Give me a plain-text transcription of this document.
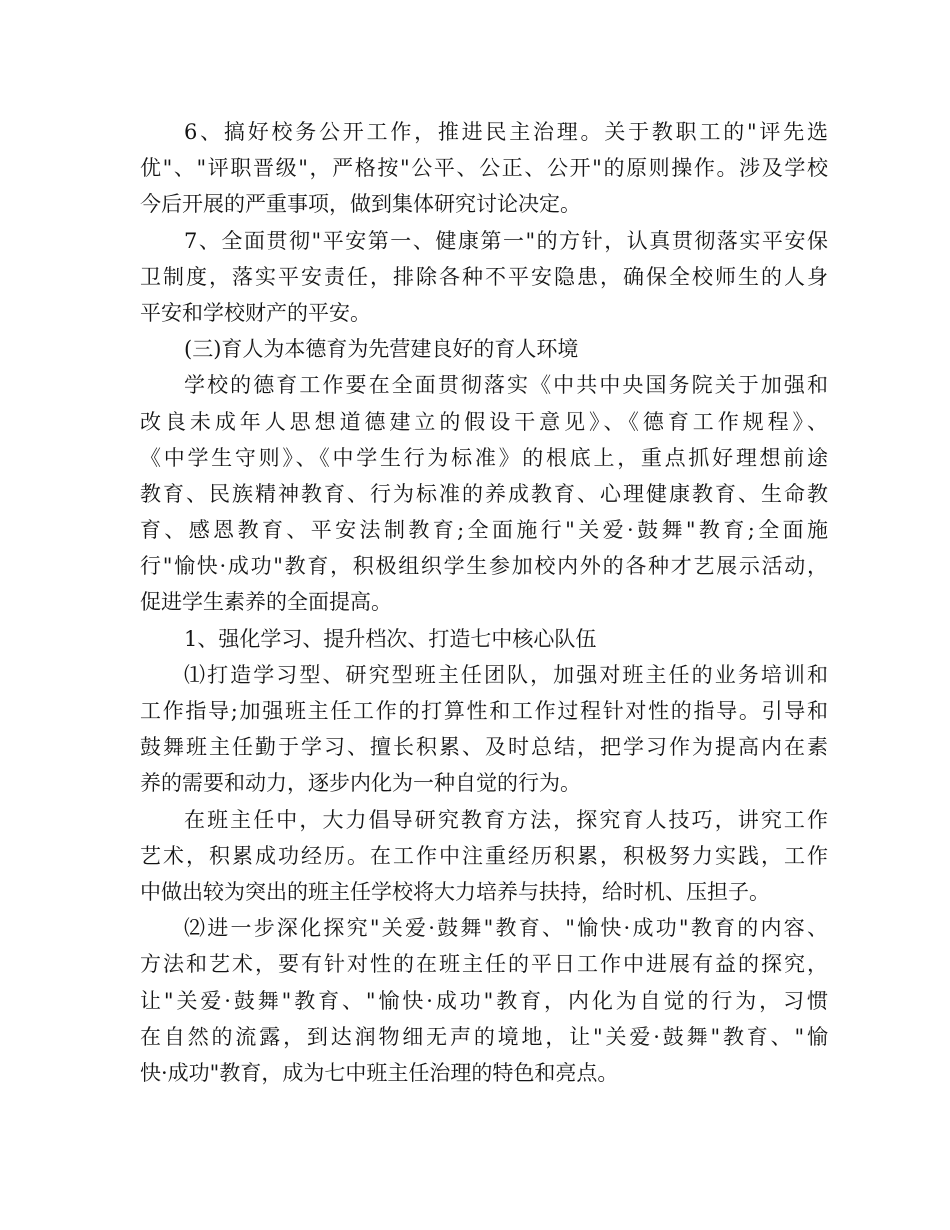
6、搞好校务公开工作，推进民主治理。关于教职工的"评先选
优"、"评职晋级"，严格按"公平、公正、公开"的原则操作。涉及学校
今后开展的严重事项，做到集体研究讨论决定。
7、全面贯彻"平安第一、健康第一"的方针，认真贯彻落实平安保
卫制度，落实平安责任，排除各种不平安隐患，确保全校师生的人身
平安和学校财产的平安。
(三)育人为本德育为先营建良好的育人环境
学校的德育工作要在全面贯彻落实《中共中央国务院关于加强和
改良未成年人思想道德建立的假设干意见》、《德育工作规程》、
《中学生守则》、《中学生行为标准》的根底上，重点抓好理想前途
教育、民族精神教育、行为标准的养成教育、心理健康教育、生命教
育、感恩教育、平安法制教育;全面施行"关爱·鼓舞"教育;全面施
行"愉快·成功"教育，积极组织学生参加校内外的各种才艺展示活动，
促进学生素养的全面提高。
1、强化学习、提升档次、打造七中核心队伍
⑴打造学习型、研究型班主任团队，加强对班主任的业务培训和
工作指导;加强班主任工作的打算性和工作过程针对性的指导。引导和
鼓舞班主任勤于学习、擅长积累、及时总结，把学习作为提高内在素
养的需要和动力，逐步内化为一种自觉的行为。
在班主任中，大力倡导研究教育方法，探究育人技巧，讲究工作
艺术，积累成功经历。在工作中注重经历积累，积极努力实践，工作
中做出较为突出的班主任学校将大力培养与扶持，给时机、压担子。
⑵进一步深化探究"关爱·鼓舞"教育、"愉快·成功"教育的内容、
方法和艺术，要有针对性的在班主任的平日工作中进展有益的探究，
让"关爱·鼓舞"教育、"愉快·成功"教育，内化为自觉的行为，习惯
在自然的流露，到达润物细无声的境地，让"关爱·鼓舞"教育、"愉
快·成功"教育，成为七中班主任治理的特色和亮点。
